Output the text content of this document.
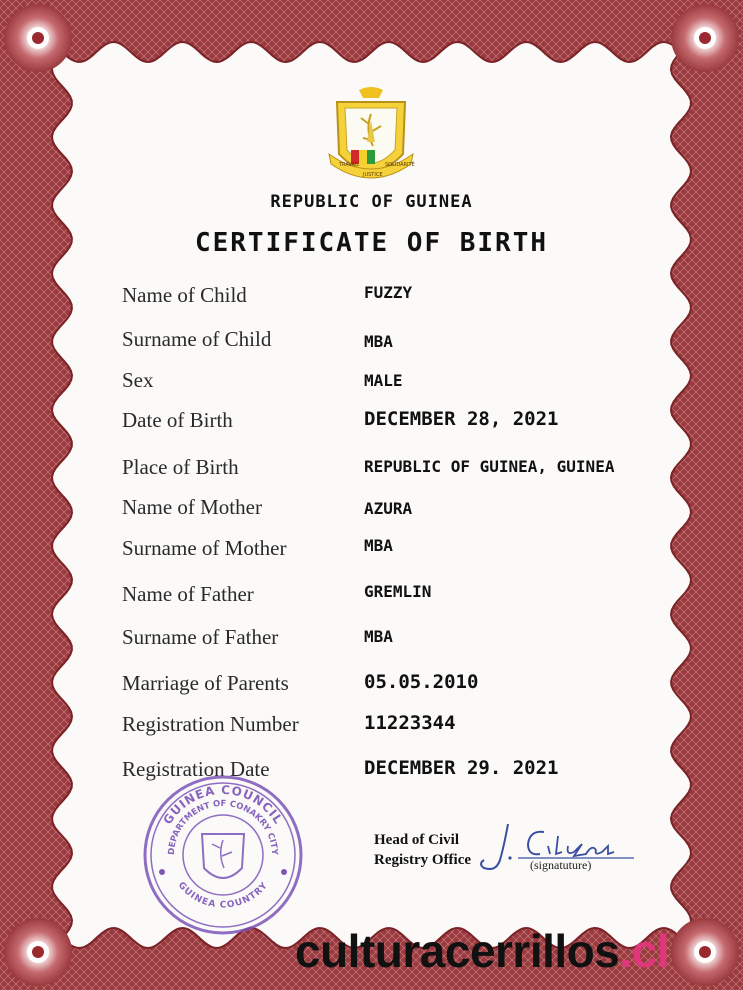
TRAVAIL
JUSTICE
SOLIDARITÉ
REPUBLIC OF GUINEA
CERTIFICATE OF BIRTH
Name of Child	FUZZY
Surname of Child	MBA
Sex	MALE
Date of Birth	DECEMBER 28, 2021
Place of Birth	REPUBLIC OF GUINEA, GUINEA
Name of Mother	AZURA
Surname of Mother	MBA
Name of Father	GREMLIN
Surname of Father	MBA
Marriage of Parents	05.05.2010
Registration Number	11223344
Registration Date	DECEMBER 29. 2021
GUINEA COUNCIL
DEPARTMENT OF CONAKRY CITY
GUINEA COUNTRY
Head of Civil
Registry Office
J. Citizen
(signatuture)
culturacerrillos.cl
